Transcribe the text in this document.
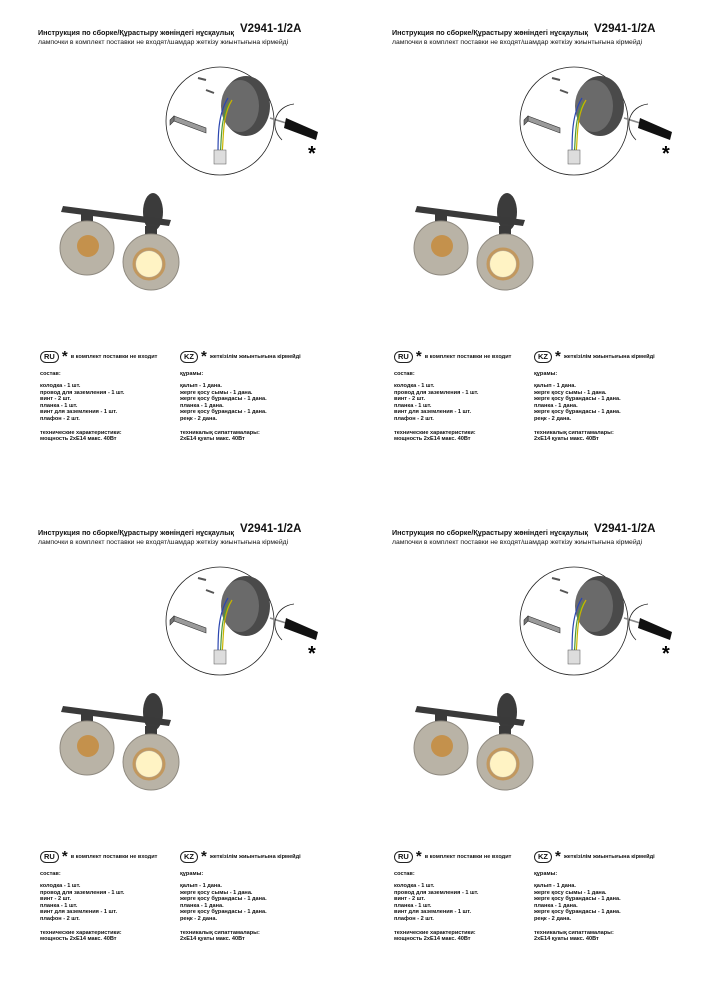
Инструкция по сборке/Құрастыру жөніндегі нұсқаулық V2941-1/2A
лампочки в комплект поставки не входят/шамдар жеткізу жиынтығына кірмейді
*
RU * в комплект поставки не входит
состав:
колодка - 1 шт.
провод для заземления - 1 шт.
винт - 2 шт.
планка - 1 шт.
винт для заземления - 1 шт.
плафон - 2 шт.
технические характеристики:
мощность 2хЕ14 макс. 40Вт
KZ * жеткізілім жиынтығына кірмейді
құрамы:
қалып - 1 дана.
жерге қосу сымы - 1 дана.
жерге қосу бұрандасы - 1 дана.
планка - 1 дана.
жерге қосу бұрандасы - 1 дана.
реңк - 2 дана.
техникалық сипаттамалары:
2хЕ14 қуаты макс. 40Вт
Инструкция по сборке/Құрастыру жөніндегі нұсқаулық V2941-1/2A
лампочки в комплект поставки не входят/шамдар жеткізу жиынтығына кірмейді
*
RU * в комплект поставки не входит
состав:
колодка - 1 шт.
провод для заземления - 1 шт.
винт - 2 шт.
планка - 1 шт.
винт для заземления - 1 шт.
плафон - 2 шт.
технические характеристики:
мощность 2хЕ14 макс. 40Вт
KZ * жеткізілім жиынтығына кірмейді
құрамы:
қалып - 1 дана.
жерге қосу сымы - 1 дана.
жерге қосу бұрандасы - 1 дана.
планка - 1 дана.
жерге қосу бұрандасы - 1 дана.
реңк - 2 дана.
техникалық сипаттамалары:
2хЕ14 қуаты макс. 40Вт
Инструкция по сборке/Құрастыру жөніндегі нұсқаулық V2941-1/2A
лампочки в комплект поставки не входят/шамдар жеткізу жиынтығына кірмейді
*
RU * в комплект поставки не входит
состав:
колодка - 1 шт.
провод для заземления - 1 шт.
винт - 2 шт.
планка - 1 шт.
винт для заземления - 1 шт.
плафон - 2 шт.
технические характеристики:
мощность 2хЕ14 макс. 40Вт
KZ * жеткізілім жиынтығына кірмейді
құрамы:
қалып - 1 дана.
жерге қосу сымы - 1 дана.
жерге қосу бұрандасы - 1 дана.
планка - 1 дана.
жерге қосу бұрандасы - 1 дана.
реңк - 2 дана.
техникалық сипаттамалары:
2хЕ14 қуаты макс. 40Вт
Инструкция по сборке/Құрастыру жөніндегі нұсқаулық V2941-1/2A
лампочки в комплект поставки не входят/шамдар жеткізу жиынтығына кірмейді
*
RU * в комплект поставки не входит
состав:
колодка - 1 шт.
провод для заземления - 1 шт.
винт - 2 шт.
планка - 1 шт.
винт для заземления - 1 шт.
плафон - 2 шт.
технические характеристики:
мощность 2хЕ14 макс. 40Вт
KZ * жеткізілім жиынтығына кірмейді
құрамы:
қалып - 1 дана.
жерге қосу сымы - 1 дана.
жерге қосу бұрандасы - 1 дана.
планка - 1 дана.
жерге қосу бұрандасы - 1 дана.
реңк - 2 дана.
техникалық сипаттамалары:
2хЕ14 қуаты макс. 40Вт
